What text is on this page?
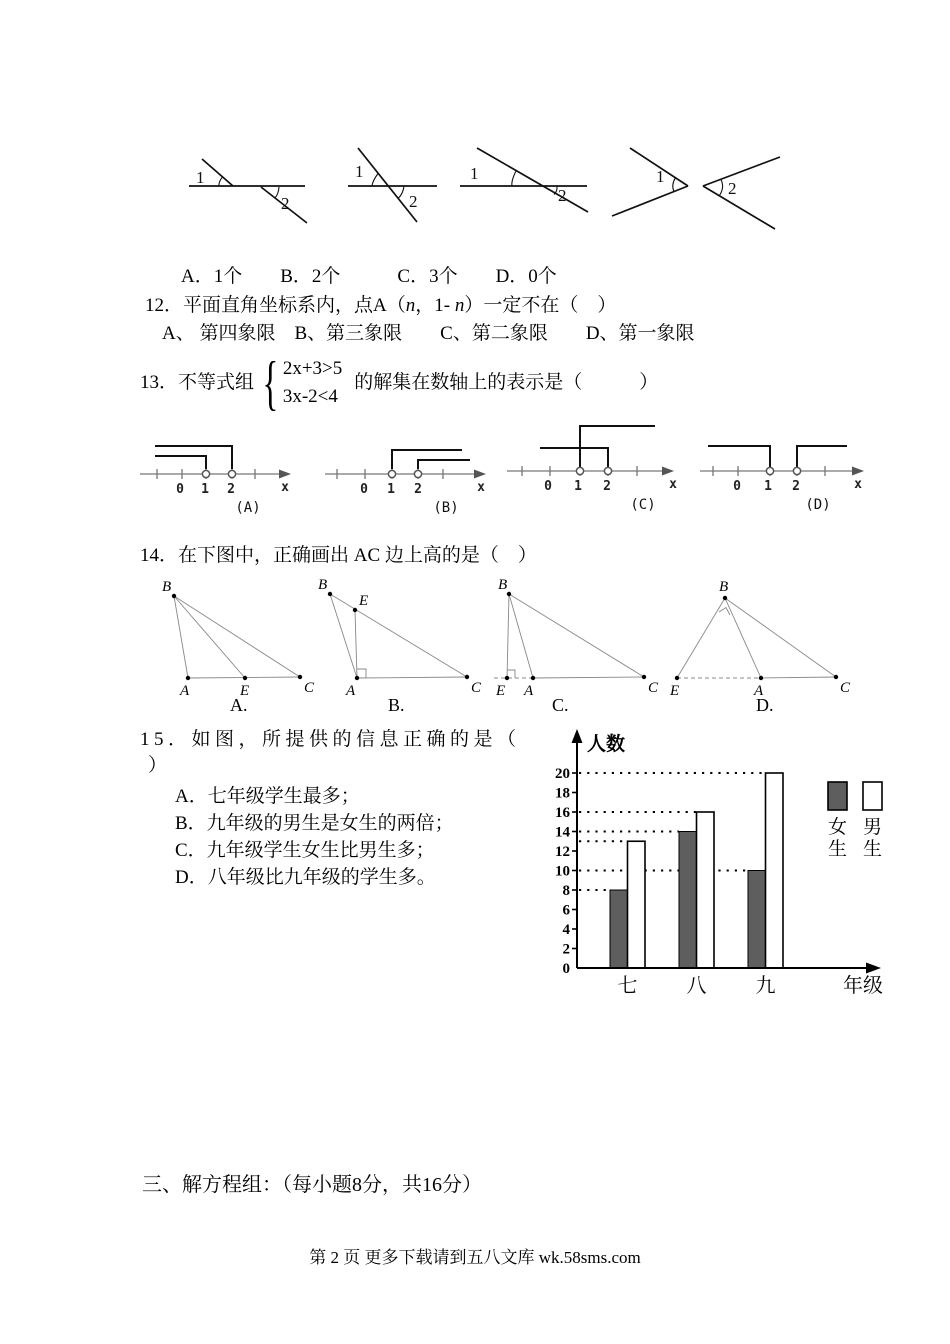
1
2
1
2
1
2
1
2
A．1个　　B．2个　　　C．3个　　D．0个
12．平面直角坐标系内，点A（n，1- n）一定不在（　）
A、 第四象限　B、第三象限　　C、第二象限　　D、第一象限
13．不等式组 { 2x+3>5
3x-2<4
的解集在数轴上的表示是（　　　）
0 1 2	x
(A)
0 1 2	x
(B)
0 1 2	x
(C)
0 1 2	x
(D)
14．在下图中，正确画出 AC 边上高的是（　）
B
A	E	C
A.
B
E
A	C
B.
B
E A	C
C.
B
E	A	C
D.
15．如图，所提供的信息正确的是（
）
A．七年级学生最多；
B．九年级的男生是女生的两倍；
C．九年级学生女生比男生多；
D．八年级比九年级的学生多。
七 八 九
人数
年级
0
2
4
6
8
10
12
14
16
18
20
女
生
男
生
三、解方程组：（每小题8分，共16分）
第 2 页 更多下载请到五八文库 wk.58sms.com
